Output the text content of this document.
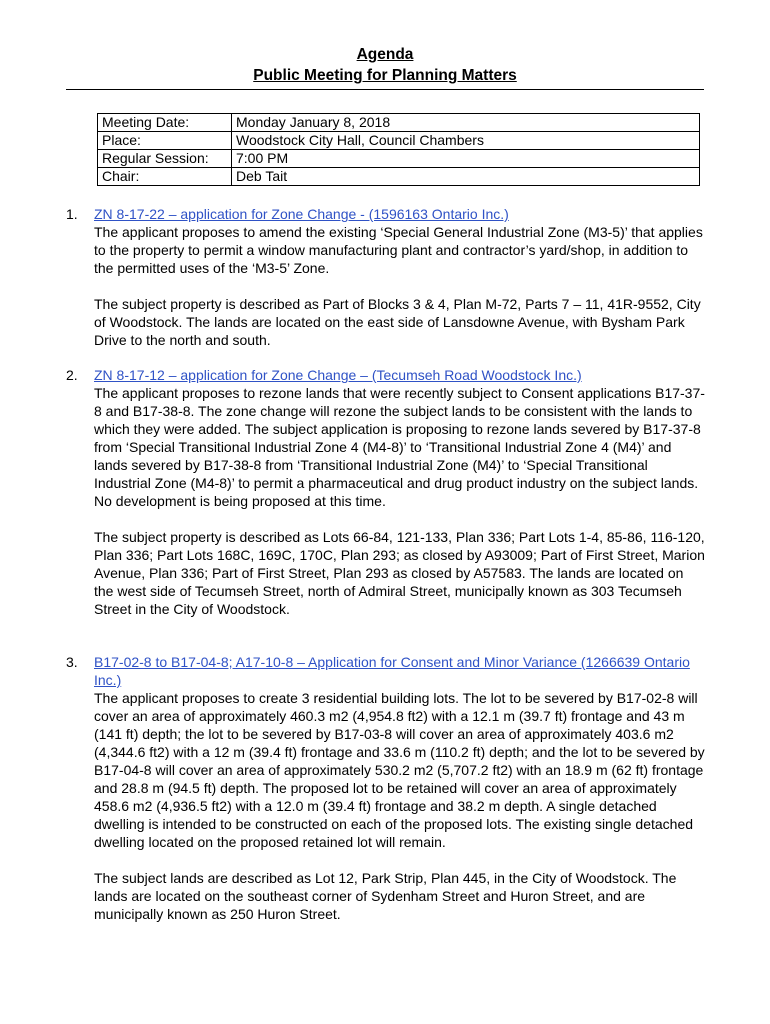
Agenda
Public Meeting for Planning Matters
Meeting Date:	Monday January 8, 2018
Place:	Woodstock City Hall, Council Chambers
Regular Session:	7:00 PM
Chair:	Deb Tait
1. ZN 8-17-22 – application for Zone Change - (1596163 Ontario Inc.)

The applicant proposes to amend the existing ‘Special General Industrial Zone (M3-5)’ that applies to the property to permit a window manufacturing plant and contractor’s yard/shop, in addition to the permitted uses of the ‘M3-5’ Zone.

The subject property is described as Part of Blocks 3 & 4, Plan M-72, Parts 7 – 11, 41R-9552, City of Woodstock. The lands are located on the east side of Lansdowne Avenue, with Bysham Park Drive to the north and south.

2. ZN 8-17-12 – application for Zone Change – (Tecumseh Road Woodstock Inc.)

The applicant proposes to rezone lands that were recently subject to Consent applications B17-37-8 and B17-38-8. The zone change will rezone the subject lands to be consistent with the lands to which they were added. The subject application is proposing to rezone lands severed by B17-37-8 from ‘Special Transitional Industrial Zone 4 (M4-8)’ to ‘Transitional Industrial Zone 4 (M4)’ and lands severed by B17-38-8 from ‘Transitional Industrial Zone (M4)’ to ‘Special Transitional Industrial Zone (M4-8)’ to permit a pharmaceutical and drug product industry on the subject lands. No development is being proposed at this time.

The subject property is described as Lots 66-84, 121-133, Plan 336; Part Lots 1-4, 85-86, 116-120, Plan 336; Part Lots 168C, 169C, 170C, Plan 293; as closed by A93009; Part of First Street, Marion Avenue, Plan 336; Part of First Street, Plan 293 as closed by A57583. The lands are located on the west side of Tecumseh Street, north of Admiral Street, municipally known as 303 Tecumseh Street in the City of Woodstock.

3. B17-02-8 to B17-04-8; A17-10-8 – Application for Consent and Minor Variance (1266639 Ontario Inc.)

The applicant proposes to create 3 residential building lots. The lot to be severed by B17-02-8 will cover an area of approximately 460.3 m2 (4,954.8 ft2) with a 12.1 m (39.7 ft) frontage and 43 m (141 ft) depth; the lot to be severed by B17-03-8 will cover an area of approximately 403.6 m2 (4,344.6 ft2) with a 12 m (39.4 ft) frontage and 33.6 m (110.2 ft) depth; and the lot to be severed by B17-04-8 will cover an area of approximately 530.2 m2 (5,707.2 ft2) with an 18.9 m (62 ft) frontage and 28.8 m (94.5 ft) depth. The proposed lot to be retained will cover an area of approximately 458.6 m2 (4,936.5 ft2) with a 12.0 m (39.4 ft) frontage and 38.2 m depth. A single detached dwelling is intended to be constructed on each of the proposed lots. The existing single detached dwelling located on the proposed retained lot will remain.

The subject lands are described as Lot 12, Park Strip, Plan 445, in the City of Woodstock. The lands are located on the southeast corner of Sydenham Street and Huron Street, and are municipally known as 250 Huron Street.
